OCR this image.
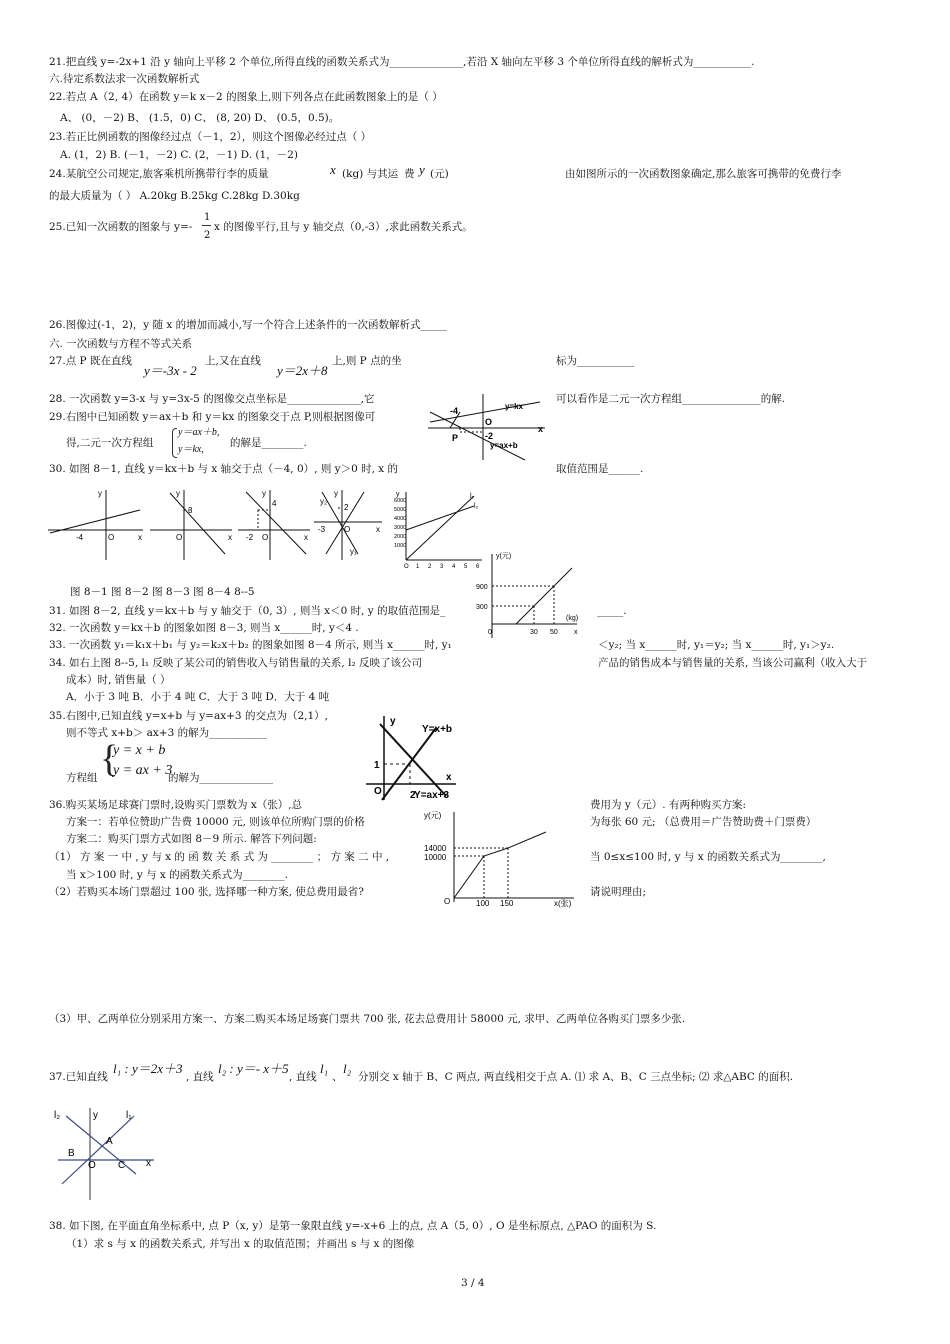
21.把直线 y=-2x+1 沿 y 轴向上平移 2 个单位,所得直线的函数关系式为______________,若沿 X 轴向左平移 3 个单位所得直线的解析式为___________.
六.待定系数法求一次函数解析式
22.若点 A（2, 4）在函数 y＝k x－2 的图象上,则下列各点在此函数图象上的是（ ）
A、 (0，－2) B、 (1.5，0) C、 (8, 20) D、 (0.5，0.5)。
23.若正比例函数的图像经过点（－1，2），则这个图像必经过点（ ）
A. (1，2) B. (－1，－2) C. (2，－1) D. (1，－2)
24.某航空公司规定,旅客乘机所携带行李的质量	x (kg) 与其运 费 y (元)	由如图所示的一次函数图象确定,那么旅客可携带的免费行李
的最大质量为（ ） A.20kg B.25kg C.28kg D.30kg
25.已知一次函数的图象与 y=-
1
2
x 的图像平行,且与 y 轴交点（0,-3）,求此函数关系式。
26.图像过(-1，2)，y 随 x 的增加而减小,写一个符合上述条件的一次函数解析式_____
六. 一次函数与方程不等式关系
27.点 P 既在直线
y＝-3x - 2
上,又在直线
y＝2x＋8
上,则 P 点的坐	标为___________
28. 一次函数 y=3-x 与 y=3x-5 的图像交点坐标是______________,它	可以看作是二元一次方程组_______________的解.
29.右图中已知函数 y＝ax＋b 和 y＝kx 的图象交于点 P,则根据图像可
得,二元一次方程组
y＝ax＋b,
y＝kx,
的解是________.
30. 如图 8－1, 直线 y＝kx＋b 与 x 轴交于点（－4, 0）, 则 y＞0 时, x 的	取值范围是______.
-4
O
-2
P
x
y=kx
y=ax+b
y
-4	O	x
y
3
O	x
y
4
-2 O	x
y
-3
2
O	x
y₁
y₂
y	l₁
l₂
6000
5000
4000
3000
2000
1000
O 1 2 3 4 5 6
y(元)
900
300
0	30 50
(kg)
x
图 8－1 图 8－2 图 8－3 图 8－4 8--5
31. 如图 8－2, 直线 y＝kx＋b 与 y 轴交于（0, 3）, 则当 x＜0 时, y 的取值范围是_	_____.
32. 一次函数 y＝kx＋b 的图象如图 8－3, 则当 x______时, y＜4 .
33. 一次函数 y₁＝k₁x＋b₁ 与 y₂＝k₂x＋b₂ 的图象如图 8－4 所示, 则当 x______时, y₁	＜y₂; 当 x______时, y₁＝y₂; 当 x______时, y₁＞y₂.
34. 如右上图 8--5, l₁ 反映了某公司的销售收入与销售量的关系, l₂ 反映了该公司	产品的销售成本与销售量的关系, 当该公司赢利（收入大于
成本）时, 销售量（ ）
A．小于 3 吨 B．小于 4 吨 C．大于 3 吨 D．大于 4 吨
35.右图中,已知直线 y=x+b 与 y=ax+3 的交点为（2,1）,
则不等式 x+b＞ ax+3 的解为___________
{
y = x + b
y = ax + 3
方程组	的解为______________
y
Y=x+b
1
O	2
x
Y=ax+3
36.购买某场足球赛门票时,设购买门票数为 x（张）,总	费用为 y（元）. 有两种购买方案:
方案一：若单位赞助广告费 10000 元, 则该单位所购门票的价格	为每张 60 元; （总费用＝广告赞助费＋门票费）
方案二：购买门票方式如图 8－9 所示. 解答下列问题:
（1） 方 案 一 中 , y 与 x 的 函 数 关 系 式 为 ________ ； 方 案 二 中 ,	当 0≤x≤100 时, y 与 x 的函数关系式为________,
当 x＞100 时, y 与 x 的函数关系式为________.
（2）若购买本场门票超过 100 张, 选择哪一种方案, 使总费用最省?	请说明理由;
y(元)
14000
10000
O	100 150	x(张)
（3）甲、乙两单位分别采用方案一、方案二购买本场足场赛门票共 700 张, 花去总费用计 58000 元, 求甲、乙两单位各购买门票多少张.
37.已知直线
l₁ : y＝2x＋3
, 直线
l₂ : y＝- x＋5
, 直线
l₁
、
l₂
分别交 x 轴于 B、C 两点, 两直线相交于点 A. ⑴ 求 A、B、C 三点坐标; ⑵ 求△ABC 的面积.
l₂	y	l₁
A
B
O C x
38. 如下图, 在平面直角坐标系中, 点 P（x, y）是第一象限直线 y=-x+6 上的点, 点 A（5, 0）, O 是坐标原点, △PAO 的面积为 S.
（1）求 s 与 x 的函数关系式, 并写出 x 的取值范围；并画出 s 与 x 的图像
3 / 4
